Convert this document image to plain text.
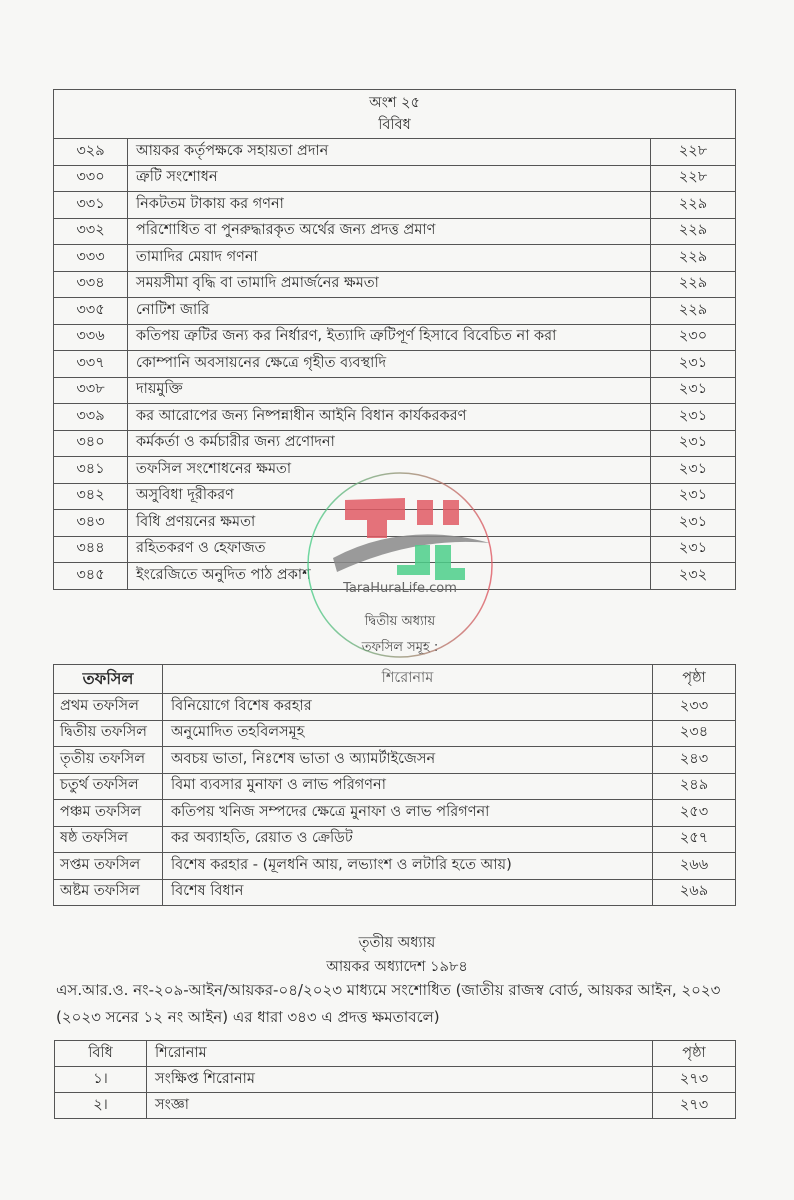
অংশ ২৫
বিবিধ		

৩২৯	আয়কর কর্তৃপক্ষকে সহায়তা প্রদান	২২৮
৩৩০	ত্রুটি সংশোধন	২২৮
৩৩১	নিকটতম টাকায় কর গণনা	২২৯
৩৩২	পরিশোধিত বা পুনরুদ্ধারকৃত অর্থের জন্য প্রদত্ত প্রমাণ	২২৯
৩৩৩	তামাদির মেয়াদ গণনা	২২৯
৩৩৪	সময়সীমা বৃদ্ধি বা তামাদি প্রমার্জনের ক্ষমতা	২২৯
৩৩৫	নোটিশ জারি	২২৯
৩৩৬	কতিপয় ত্রুটির জন্য কর নির্ধারণ, ইত্যাদি ত্রুটিপূর্ণ হিসাবে বিবেচিত না করা	২৩০
৩৩৭	কোম্পানি অবসায়নের ক্ষেত্রে গৃহীত ব্যবস্থাদি	২৩১
৩৩৮	দায়মুক্তি	২৩১
৩৩৯	কর আরোপের জন্য নিষ্পন্নাধীন আইনি বিধান কার্যকরকরণ	২৩১
৩৪০	কর্মকর্তা ও কর্মচারীর জন্য প্রণোদনা	২৩১
৩৪১	তফসিল সংশোধনের ক্ষমতা	২৩১
৩৪২	অসুবিধা দূরীকরণ	২৩১
৩৪৩	বিধি প্রণয়নের ক্ষমতা	২৩১
৩৪৪	রহিতকরণ ও হেফাজত	২৩১
৩৪৫	ইংরেজিতে অনুদিত পাঠ প্রকাশ	২৩২
দ্বিতীয় অধ্যায়
তফসিল সমূহ :
তফসিল	শিরোনাম	পৃষ্ঠা
প্রথম তফসিল	বিনিয়োগে বিশেষ করহার	২৩৩
দ্বিতীয় তফসিল	অনুমোদিত তহবিলসমূহ	২৩৪
তৃতীয় তফসিল	অবচয় ভাতা, নিঃশেষ ভাতা ও অ্যামর্টাইজেসন	২৪৩
চতুর্থ তফসিল	বিমা ব্যবসার মুনাফা ও লাভ পরিগণনা	২৪৯
পঞ্চম তফসিল	কতিপয় খনিজ সম্পদের ক্ষেত্রে মুনাফা ও লাভ পরিগণনা	২৫৩
ষষ্ঠ তফসিল	কর অব্যাহতি, রেয়াত ও ক্রেডিট	২৫৭
সপ্তম তফসিল	বিশেষ করহার - (মূলধনি আয়, লভ্যাংশ ও লটারি হতে আয়)	২৬৬
অষ্টম তফসিল	বিশেষ বিধান	২৬৯
তৃতীয় অধ্যায়
আয়কর অধ্যাদেশ ১৯৮৪
এস.আর.ও. নং-২০৯-আইন/আয়কর-০৪/২০২৩ মাধ্যমে সংশোধিত (জাতীয় রাজস্ব বোর্ড, আয়কর আইন, ২০২৩ (২০২৩ সনের ১২ নং আইন) এর ধারা ৩৪৩ এ প্রদত্ত ক্ষমতাবলে)
বিধি	শিরোনাম	পৃষ্ঠা
১।	সংক্ষিপ্ত শিরোনাম	২৭৩
২।	সংজ্ঞা	২৭৩
TaraHuraLife.com
